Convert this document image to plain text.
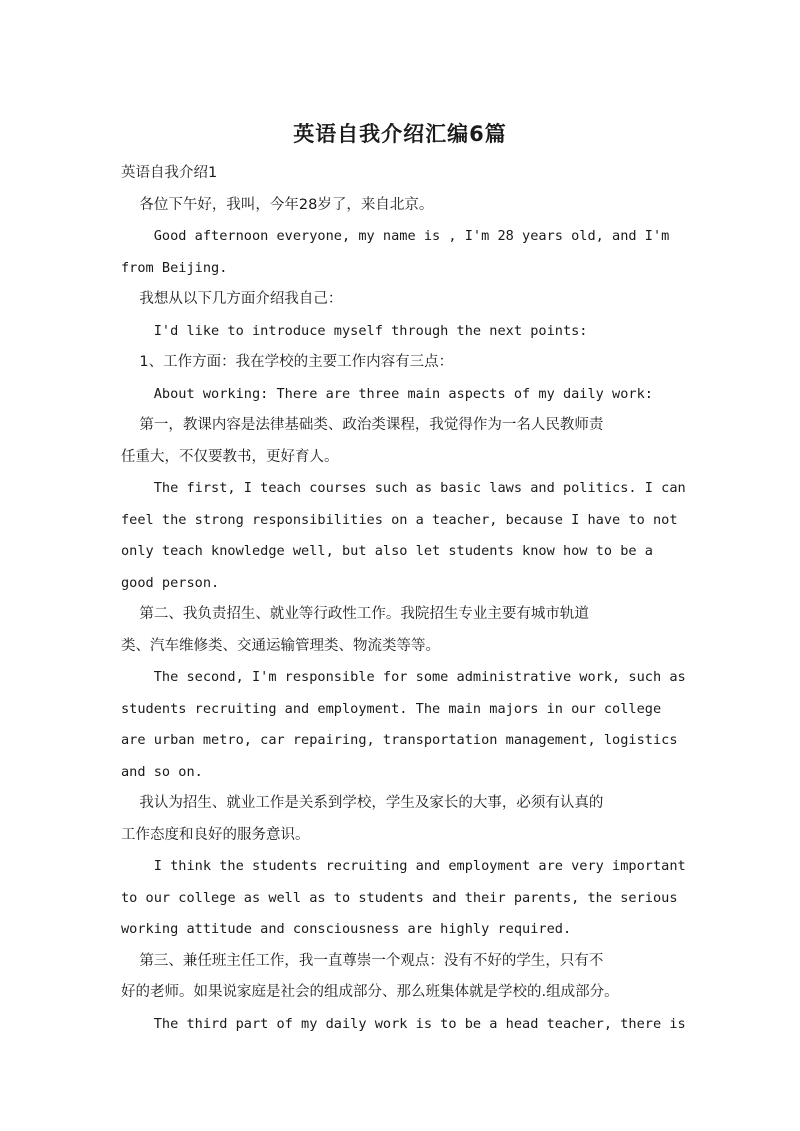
英语自我介绍汇编6篇
英语自我介绍1
各位下午好，我叫，今年28岁了，来自北京。
Good afternoon everyone, my name is , I'm 28 years old, and I'm
from Beijing.
我想从以下几方面介绍我自己：
I'd like to introduce myself through the next points:
1、工作方面：我在学校的主要工作内容有三点：
About working: There are three main aspects of my daily work:
第一，教课内容是法律基础类、政治类课程，我觉得作为一名人民教师责
任重大，不仅要教书，更好育人。
The first, I teach courses such as basic laws and politics. I can
feel the strong responsibilities on a teacher, because I have to not
only teach knowledge well, but also let students know how to be a
good person.
第二、我负责招生、就业等行政性工作。我院招生专业主要有城市轨道
类、汽车维修类、交通运输管理类、物流类等等。
The second, I'm responsible for some administrative work, such as
students recruiting and employment. The main majors in our college
are urban metro, car repairing, transportation management, logistics
and so on.
我认为招生、就业工作是关系到学校，学生及家长的大事，必须有认真的
工作态度和良好的服务意识。
I think the students recruiting and employment are very important
to our college as well as to students and their parents, the serious
working attitude and consciousness are highly required.
第三、兼任班主任工作，我一直尊崇一个观点：没有不好的学生，只有不
好的老师。如果说家庭是社会的组成部分、那么班集体就是学校的.组成部分。
The third part of my daily work is to be a head teacher, there is
